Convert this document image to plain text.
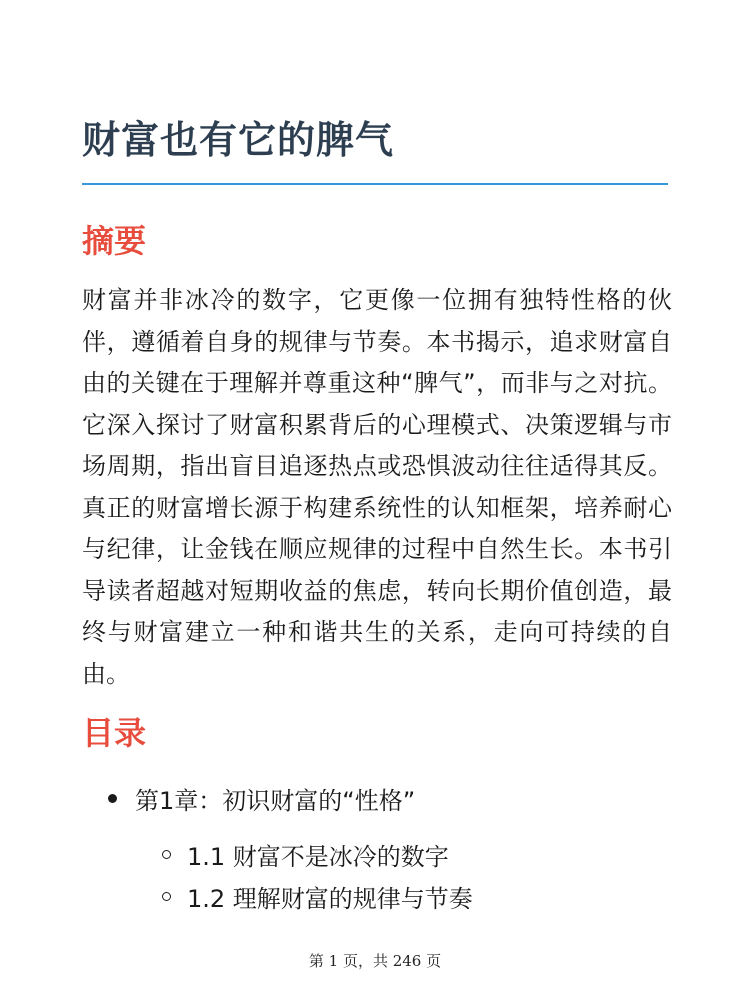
财富也有它的脾气
摘要

财富并非冰冷的数字，它更像一位拥有独特性格的伙伴，遵循着自身的规律与节奏。本书揭示，追求财富自由的关键在于理解并尊重这种“脾气”，而非与之对抗。它深入探讨了财富积累背后的心理模式、决策逻辑与市场周期，指出盲目追逐热点或恐惧波动往往适得其反。真正的财富增长源于构建系统性的认知框架，培养耐心与纪律，让金钱在顺应规律的过程中自然生长。本书引导读者超越对短期收益的焦虑，转向长期价值创造，最终与财富建立一种和谐共生的关系，走向可持续的自由。

目录
第1章：初识财富的“性格”
1.1 财富不是冰冷的数字
1.2 理解财富的规律与节奏
第 1 页，共 246 页
